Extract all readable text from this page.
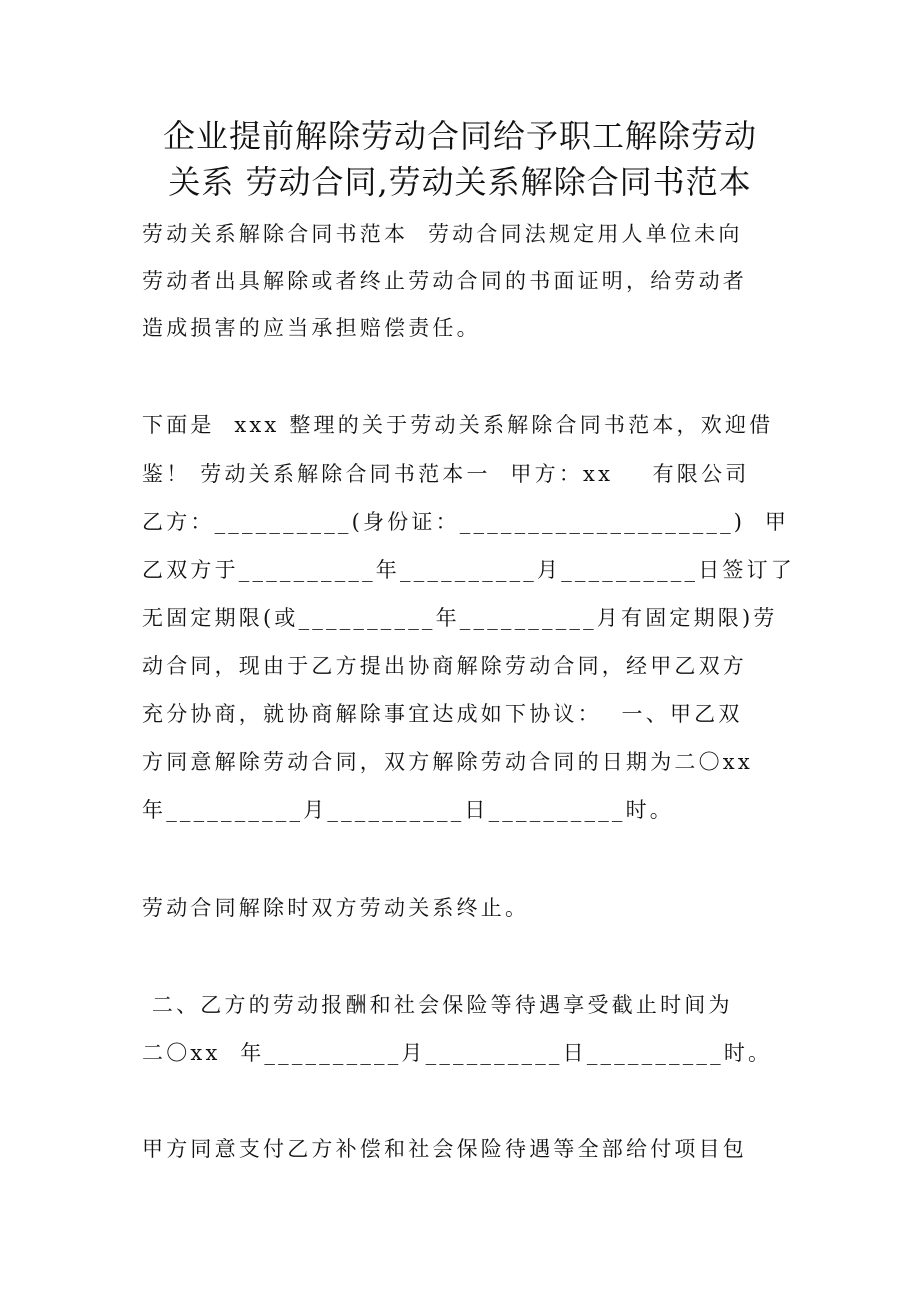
企业提前解除劳动合同给予职工解除劳动
关系 劳动合同,劳动关系解除合同书范本
劳动关系解除合同书范本  劳动合同法规定用人单位未向
劳动者出具解除或者终止劳动合同的书面证明，给劳动者
造成损害的应当承担赔偿责任。
下面是  xxx 整理的关于劳动关系解除合同书范本，欢迎借
鉴！ 劳动关系解除合同书范本一  甲方：xx    有限公司
乙方：__________(身份证：____________________)  甲
乙双方于__________年__________月__________日签订了
无固定期限(或__________年__________月有固定期限)劳
动合同，现由于乙方提出协商解除劳动合同，经甲乙双方
充分协商，就协商解除事宜达成如下协议：  一、甲乙双
方同意解除劳动合同，双方解除劳动合同的日期为二〇xx
年__________月__________日__________时。
劳动合同解除时双方劳动关系终止。
二、乙方的劳动报酬和社会保险等待遇享受截止时间为
二〇xx  年__________月__________日__________时。
甲方同意支付乙方补偿和社会保险待遇等全部给付项目包
